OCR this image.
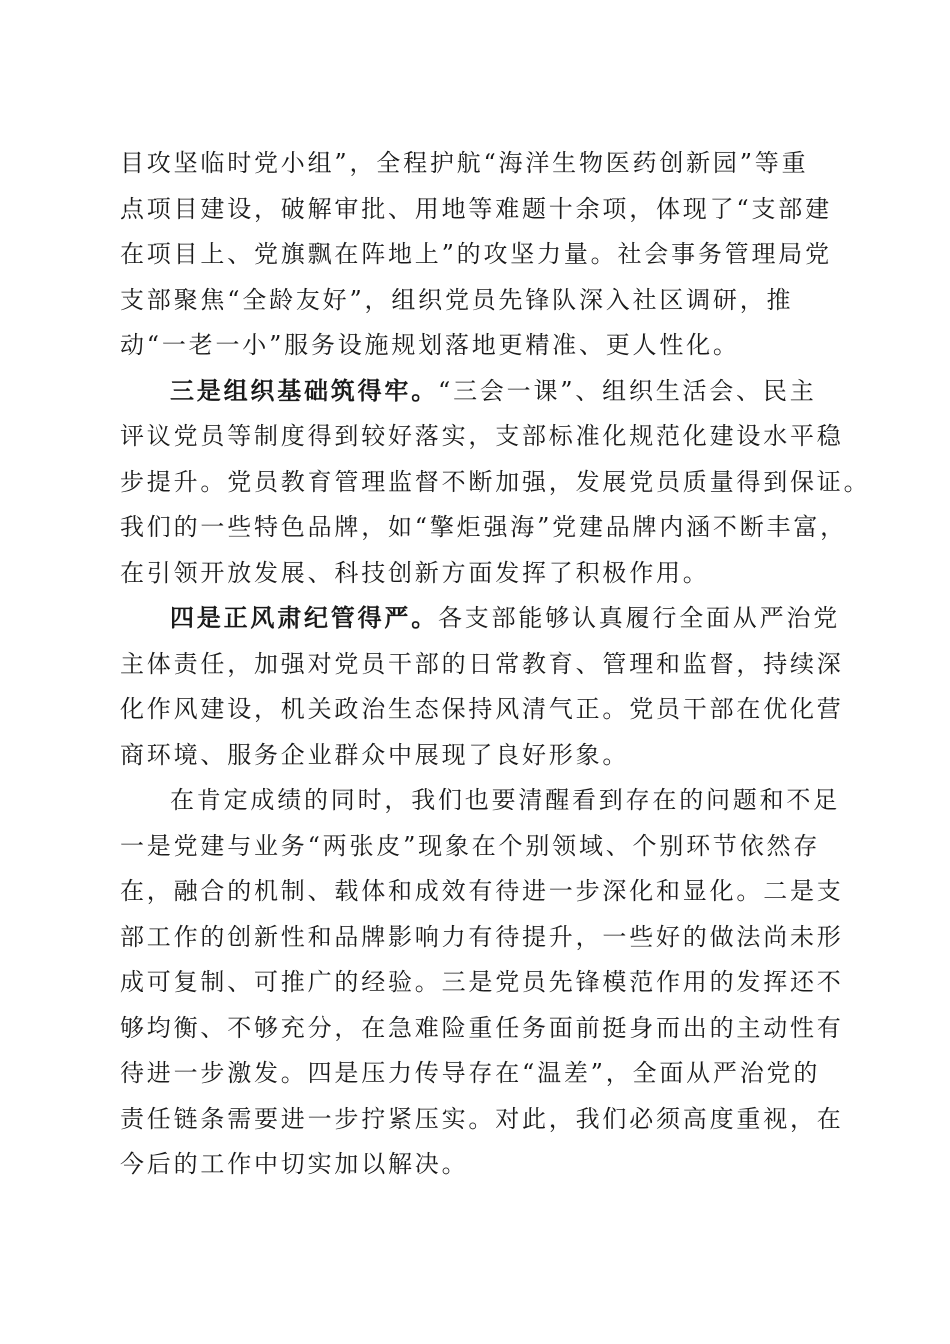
目攻坚临时党小组”，全程护航“海洋生物医药创新园”等重
点项目建设，破解审批、用地等难题十余项，体现了“支部建
在项目上、党旗飘在阵地上”的攻坚力量。社会事务管理局党
支部聚焦“全龄友好”，组织党员先锋队深入社区调研，推
动“一老一小”服务设施规划落地更精准、更人性化。
三是组织基础筑得牢。“三会一课”、组织生活会、民主
评议党员等制度得到较好落实，支部标准化规范化建设水平稳
步提升。党员教育管理监督不断加强，发展党员质量得到保证。
我们的一些特色品牌，如“擎炬强海”党建品牌内涵不断丰富，
在引领开放发展、科技创新方面发挥了积极作用。
四是正风肃纪管得严。各支部能够认真履行全面从严治党
主体责任，加强对党员干部的日常教育、管理和监督，持续深
化作风建设，机关政治生态保持风清气正。党员干部在优化营
商环境、服务企业群众中展现了良好形象。
在肯定成绩的同时，我们也要清醒看到存在的问题和不足
一是党建与业务“两张皮”现象在个别领域、个别环节依然存
在，融合的机制、载体和成效有待进一步深化和显化。二是支
部工作的创新性和品牌影响力有待提升，一些好的做法尚未形
成可复制、可推广的经验。三是党员先锋模范作用的发挥还不
够均衡、不够充分，在急难险重任务面前挺身而出的主动性有
待进一步激发。四是压力传导存在“温差”，全面从严治党的
责任链条需要进一步拧紧压实。对此，我们必须高度重视，在
今后的工作中切实加以解决。
